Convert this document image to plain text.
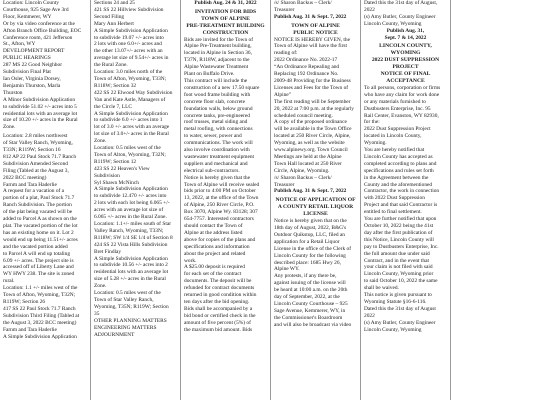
Location: Lincoln County
Courthouse, 925 Sage Ave 3rd
Floor, Kemmerer, WY
Or by via video conference at the
Afton Branch Office Building, EOC
Conference room, 421 Jefferson
St., Afton, WY
DEVELOPMENT REPORT
PUBLIC HEARINGS
287 MS 22 Good Neighbor
Subdivision Final Plat
Ian Osler, Virginia Dorsey,
Benjamin Thurston, Marla
Thurston
A Minor Subdivision Application
to subdivide 51.02 +/- acres into 5
residential lots with an average lot
size of 10.20 +/- acres in the Rural
Zone.
Location: 2.8 miles northwest
of Star Valley Ranch, Wyoming,
T33N; R119W; Section 16
812 AP 22 Paul Stock 71.7 Ranch
Subdivision Amended Second
Filing (Tabled at the August 3,
2022 BCC meeting)
Farnm and Tara Haderlie
A request for a vacation of a
portion of a plat, Paul Stock 71.7
Ranch Subdivision. The portion
of the plat being vacated will be
added to Parcel A as shown on the
plat. The vacated portion of the lot
has an existing home on it. Lot 2
would end up being 11.51+/- acres
and the vacated portion added
to Parcel A will end up totaling
6.09 +/- acres. The project site is
accessed off of Liberty Lane and
WY HWY 238. The site is zoned
rural.
Location: 1.1 +/- miles west of the
Town of Afton, Wyoming, T32N;
R119W; Section 26
417 SS 22 Paul Stock 71.7 Ranch
Subdivision Third Filing (Tabled at
the August 3, 2022 BCC meeting)
Farnm and Tara Haderlie
A Simple Subdivision Application
Sections 24 and 25
421 SS 22 Hillview Subdivision
Second Filing
Mary Ann Herbert
A Simple Subdivision Application
to subdivide 19.07 +/- acres into
2 lots with one 6.0+/- acres and
the other 13.07+/- acres with an
average lot size of 9.54+/- acres in
the Rural Zone.
Location: 3.0 miles north of the
Town of Afton, Wyoming, T33N;
R118W; Section 32
422 SS 22 Elwood Way Subdivision
Van and Kate Astle, Managers of
the Circle 7, LLC
A Simple Subdivision Application
to subdivide 6.0 +/- acres into 1
lot of 3.0 +/- acres with an average
lot size of 3.0+/- acres in the Rural
Zone.
Location: 0.5 miles west of the
Town of Alton, Wyoming, T32N;
R119W; Section 12
423 SS 22 Heaven's View
Subdivision
Syl Shawn McNinch
A Simple Subdivision Application
to subdivide 12.470 +/- acres into
2 lots with each lot being 6.065 +/-
acres with an average lot size of
6.065 +/- acres in the Rural Zone.
Location: 1.1+/- miles south of Star
Valley Ranch, Wyoming, T33N;
R118W; SW 1/4 SE 1/4 of Section 8
424 SS 22 Vista Hills Subdivision
Bret Findlay
A Simple Subdivision Application
to subdivide 10.56 +/- acres into 2
residential lots with an average lot
size of 5.28 +/- acres in the Rural
Zone.
Location: 0.5 miles west of the
Town of Star Valley Ranch,
Wyoming, T35N; R119W; Section
35
OTHER PLANNING MATTERS
ENGINEERING MATTERS
ADJOURNMENT
Publish Aug. 24 & 31, 2022
INVITATION FOR BIDS
TOWN OF ALPINE
PRE-TREATMENT BUILDING
CONSTRUCTION
Bids are invited for the Town of
Alpine Pre-Treatment building,
located in Alpine in Section 36,
T37N, R118W, adjacent to the
Alpine Wastewater Treatment
Plant on Buffalo Drive.
This contract will include the
construction of a new 17.50 square
foot wood frame building with
concrete floor slab, concrete
foundation walls, below ground
concrete tanks, pre-engineered
roof trusses, metal siding and
metal roofing, with connections
to water, sewer, power and
communications. The work will
also involve coordination with
wastewater treatment equipment
suppliers and mechanical and
electrical sub-contractors.
Notice is hereby given that the
Town of Alpine will receive sealed
bids prior to 4:00 PM on October
13, 2022, at the office of the Town
of Alpine, 250 River Circle, P.O.
Box 3070, Alpine Wy. 83128; 307
654-7757. Interested contractors
should contact the Town of
Alpine at the address listed
above for copies of the plans and
specifications and information
about the project and related
work.
A $25.00 deposit is required
for each set of the contract
documents. The deposit will be
refunded for contract documents
returned in good condition within
ten days after the bid opening.
Bids shall be accompanied by a
bid bond or certified check in the
amount of five percent (5%) of
the maximum bid amount. Bids
/s/ Sharon Backus – Clerk/
Treasurer
Publish Aug. 31 & Sept. 7, 2022
TOWN OF ALPINE
PUBLIC NOTICE
NOTICE IS HEREBY GIVEN, the
Town of Alpine will have the first
reading of:
2022 Ordinance No. 2022-17
“An Ordinance Repealing and
Replacing 192 Ordinance No.
2009-48 Providing for the Business
Licenses and Fees for the Town of
Alpine”
The first reading will be September
20, 2022 at 7:00 p.m. at the regularly
scheduled council meeting.
A copy of the proposed ordinance
will be available in the Town Office
located at 250 River Circle, Alpine,
Wyoming, as well as the website
www.alpinewy.org. Town Council
Meetings are held at the Alpine
Town Hall located at 250 River
Circle, Alpine, Wyoming.
/s/ Sharon Backus – Clerk/
Treasurer
Publish Aug. 31 & Sept. 7, 2022
NOTICE OF APPLICATION OF
A COUNTY RETAIL LIQUOR
LICENSE
Notice is hereby given that on the
18th day of August, 2022, B&G's
Outdoor Quikstop, LLC, filed an
application for a Retail Liquor
License in the office of the Clerk of
Lincoln County for the following
described place: 1685 Hwy 26,
Alpine WY.
Any protests, if any there be,
against issuing of the license will
be heard at 10:00 a.m. on the 20th
day of September, 2022, at the
Lincoln County Courthouse – 925
Sage Avenue, Kemmerer, WY, in
the Commissioner's Boardroom
and will also be broadcast via video
Dated this the 31st day of August,
2022
(s) Amy Butler, County Engineer
Lincoln County, Wyoming
Publish Aug. 31,
Sept. 7 & 14, 2022
LINCOLN COUNTY,
WYOMING
2022 DUST SUPPRESSION
PROJECT
NOTICE OF FINAL
ACCEPTANCE
To all persons, corporation or firms
who have any claim for work done
or any materials furnished to
Dustbusters Enterprise, Inc. 95
Rail Center, Evanston, WY 82930,
for the:
2022 Dust Suppression Project
located in Lincoln County,
Wyoming.
You are hereby notified that
Lincoln County has accepted as
completed according to plans and
specifications and rules set forth
in the Agreement between the
County and the aforementioned
Contractor, the work in connection
with 2022 Dust Suppression
Project and that said Contractor is
entitled to final settlement.
You are further notified that upon
October 10, 2022 being the 41st
day after the first publication of
this Notice, Lincoln County will
pay to Dustbusters Enterprise, Inc.
the full amount due under said
Contract, and in the event that
your claim is not filed with said
Lincoln County, Wyoming prior
to said October 10, 2022 the same
shall be waived.
This notice is given pursuant to
Wyoming Statute §16-6-116.
Dated this the 31st day of August
2022
(s) Amy Butler, County Engineer
Lincoln County, Wyoming
